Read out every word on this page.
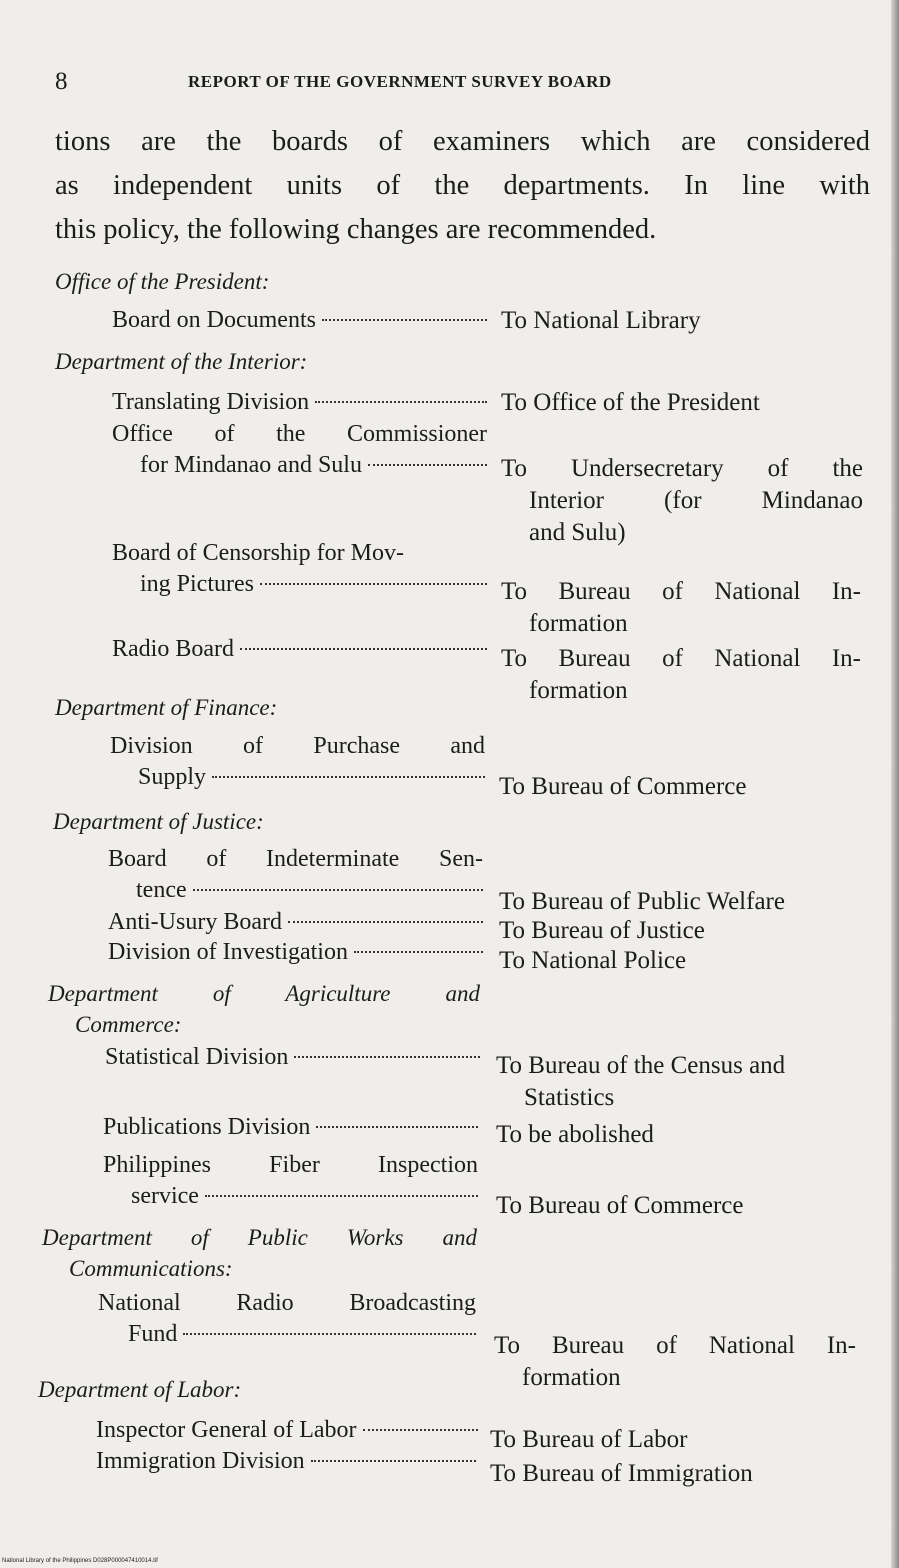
8	REPORT OF THE GOVERNMENT SURVEY BOARD
tions are the boards of examiners which are considered
as independent units of the departments. In line with
this policy, the following changes are recommended.
Office of the President:
Board on Documents	To National Library
Department of the Interior:
Translating Division	To Office of the President
Office of the Commissioner
for Mindanao and Sulu	To Undersecretary of the
Interior (for Mindanao
and Sulu)
Board of Censorship for Mov-
ing Pictures	To Bureau of National In-
formation
Radio Board	To Bureau of National In-
formation
Department of Finance:
Division of Purchase and
Supply	To Bureau of Commerce
Department of Justice:
Board of Indeterminate Sen-
tence	To Bureau of Public Welfare
Anti-Usury Board	To Bureau of Justice
Division of Investigation	To National Police
Department of Agriculture and
Commerce:
Statistical Division	To Bureau of the Census and
Statistics
Publications Division	To be abolished
Philippines Fiber Inspection
service	To Bureau of Commerce
Department of Public Works and
Communications:
National Radio Broadcasting
Fund	To Bureau of National In-
formation
Department of Labor:
Inspector General of Labor	To Bureau of Labor
Immigration Division	To Bureau of Immigration
National Library of the Philippines D028P000047410014.tif
